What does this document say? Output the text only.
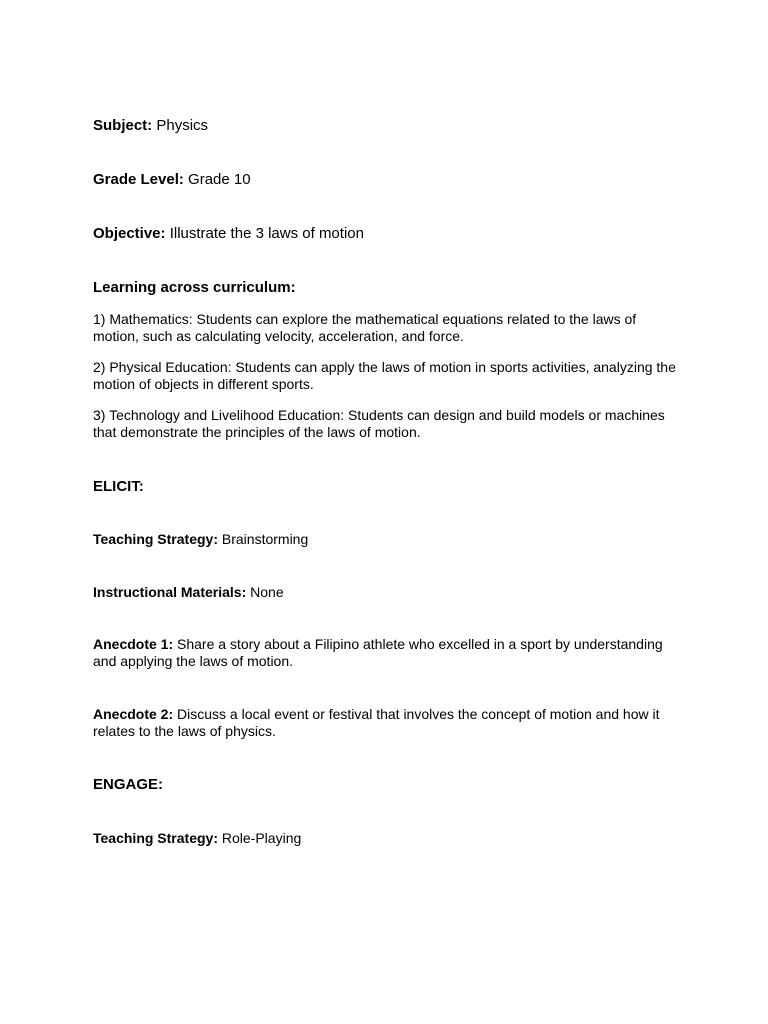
Subject: Physics

Grade Level: Grade 10

Objective: Illustrate the 3 laws of motion

Learning across curriculum:

1) Mathematics: Students can explore the mathematical equations related to the laws of motion, such as calculating velocity, acceleration, and force.

2) Physical Education: Students can apply the laws of motion in sports activities, analyzing the motion of objects in different sports.

3) Technology and Livelihood Education: Students can design and build models or machines that demonstrate the principles of the laws of motion.

ELICIT:

Teaching Strategy: Brainstorming

Instructional Materials: None

Anecdote 1: Share a story about a Filipino athlete who excelled in a sport by understanding and applying the laws of motion.

Anecdote 2: Discuss a local event or festival that involves the concept of motion and how it relates to the laws of physics.

ENGAGE:

Teaching Strategy: Role-Playing
